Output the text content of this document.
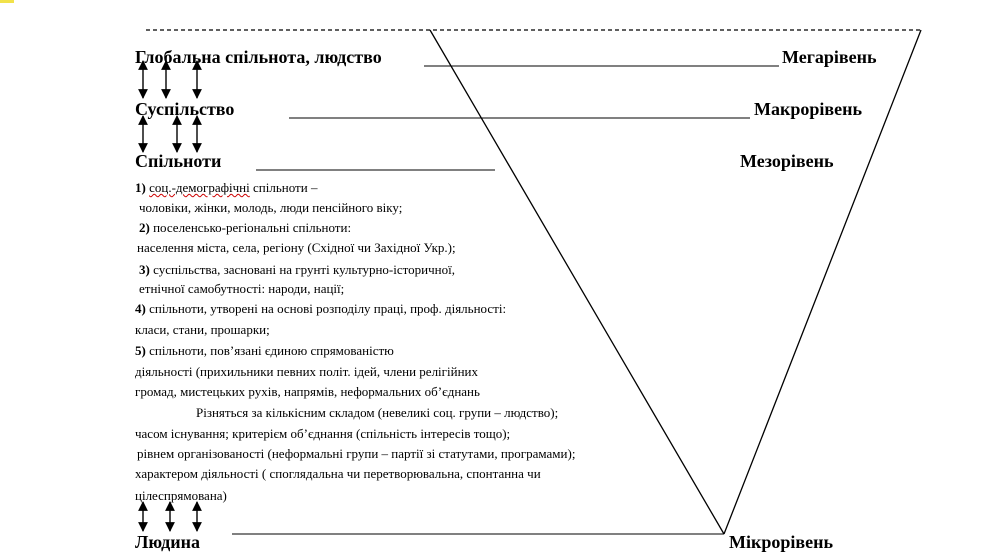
Глобальна спільнота, людство	Мегарівень
Суспільство	Макрорівень
Спільноти	Мезорівень
Людина	Мікрорівень
1) соц.-демографічні спільноти –
чоловіки, жінки, молодь, люди пенсійного віку;
2) поселенсько-регіональні спільноти:
населення міста, села, регіону (Східної чи Західної Укр.);
3) суспільства, засновані на грунті культурно-історичної,
етнічної самобутності: народи, нації;
4) спільноти, утворені на основі розподілу праці, проф. діяльності:
класи, стани, прошарки;
5) спільноти, пов’язані єдиною спрямованістю
діяльності (прихильники певних політ. ідей, члени релігійних
громад, мистецьких рухів, напрямів, неформальних об’єднань
Різняться за кількісним складом (невеликі соц. групи – людство);
часом існування; критерієм об’єднання (спільність інтересів тощо);
рівнем організованості (неформальні групи – партії зі статутами, програмами);
характером діяльності ( споглядальна чи перетворювальна, спонтанна чи
цілеспрямована)
